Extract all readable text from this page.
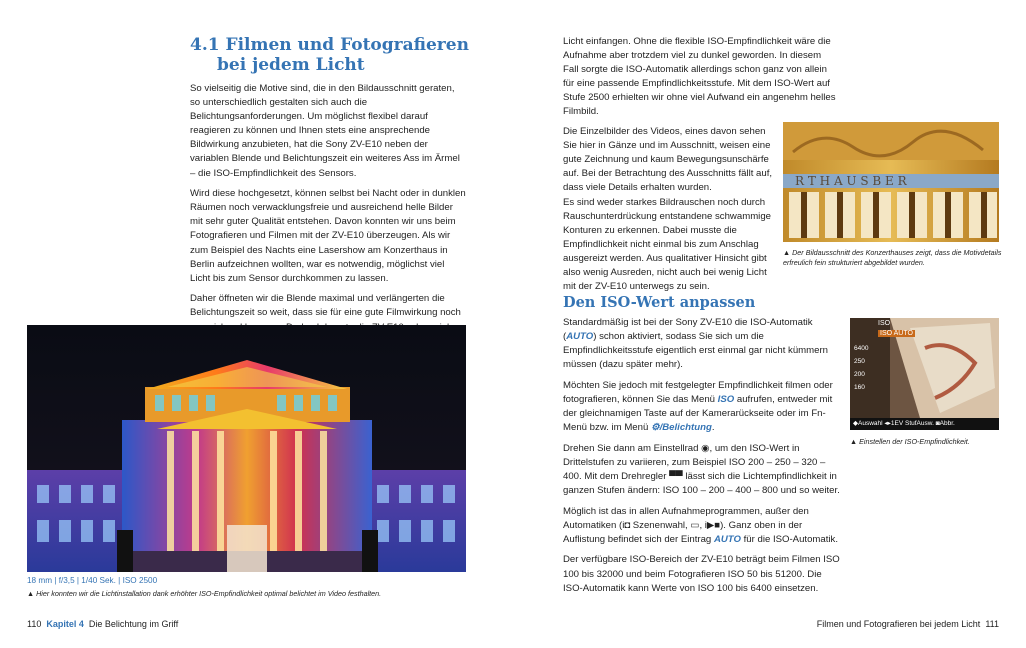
4.1 Filmen und Fotografieren
bei jedem Licht

So vielseitig die Motive sind, die in den Bildausschnitt geraten, so unterschiedlich gestalten sich auch die Belichtungsanforderungen. Um möglichst flexibel darauf reagieren zu können und Ihnen stets eine ansprechende Bildwirkung anzubieten, hat die Sony ZV-E10 neben der variablen Blende und Belichtungszeit ein weiteres Ass im Ärmel – die ISO-Empfindlichkeit des Sensors.

Wird diese hochgesetzt, können selbst bei Nacht oder in dunklen Räumen noch verwacklungsfreie und ausreichend helle Bilder mit sehr guter Qualität entstehen. Davon konnten wir uns beim Fotografieren und Filmen mit der ZV-E10 überzeugen. Als wir zum Beispiel des Nachts eine Lasershow am Konzerthaus in Berlin aufzeichnen wollten, war es notwendig, möglichst viel Licht bis zum Sensor durchkommen zu lassen.

Daher öffneten wir die Blende maximal und verlängerten die Belichtungszeit so weit, dass sie für eine gute Filmwirkung noch

18 mm | f/3,5 | 1/40 Sek. | ISO 2500
▲ Hier konnten wir die Lichtinstallation dank erhöhter ISO-Empfindlichkeit optimal belichtet im Video festhalten.
110 Kapitel 4 Die Belichtung im Griff

Licht einfangen. Ohne die flexible ISO-Empfindlichkeit wäre die Aufnahme aber trotzdem viel zu dunkel geworden. In diesem Fall sorgte die ISO-Automatik allerdings schon ganz von allein für eine passende Empfindlichkeitsstufe. Mit dem ISO-Wert auf Stufe 2500 erhielten wir ohne viel Aufwand ein angenehm helles Filmbild.

Die Einzelbilder des Videos, eines davon sehen Sie hier in Gänze und im Ausschnitt, weisen eine gute Zeichnung und kaum Bewegungsunschärfe auf. Bei der Betrachtung des Ausschnitts fällt auf, dass viele Details erhalten wurden.

Es sind weder starkes Bildrauschen noch durch Rauschunterdrückung entstandene schwammige Konturen zu erkennen. Dabei musste die Empfindlichkeit nicht einmal bis zum Anschlag ausgereizt werden. Aus qualitativer Hinsicht gibt also wenig Ausreden, nicht auch bei wenig Licht mit der ZV-E10 unterwegs zu sein.

R T H A U S B E R
▲ Der Bildausschnitt des Konzerthauses zeigt, dass die Motivdetails erfreulich fein strukturiert abgebildet wurden.
Den ISO-Wert anpassen

Standardmäßig ist bei der Sony ZV-E10 die ISO-Automatik (AUTO) schon aktiviert, sodass Sie sich um die Empfindlichkeitsstufe eigentlich erst einmal gar nicht kümmern müssen (dazu später mehr).

Möchten Sie jedoch mit festgelegter Empfindlichkeit filmen oder fotografieren, können Sie das Menü ISO aufrufen, entweder mit der gleichnamigen Taste auf der Kamerarückseite oder im Fn-Menü bzw. im Menü ⚙/Belichtung.

Drehen Sie dann am Einstellrad ◉, um den ISO-Wert in Drittelstufen zu variieren, zum Beispiel ISO 200 – 250 – 320 – 400. Mit dem Drehregler ▀▀ lässt sich die Lichtempfindlichkeit in ganzen Stufen ändern: ISO 100 – 200 – 400 – 800 und so weiter.

Möglich ist das in allen Aufnahmeprogrammen, außer den Automatiken (i◘ Szenenwahl, ▭, i▶■). Ganz oben in der Auflistung befindet sich der Eintrag AUTO für die ISO-Automatik.

Der verfügbare ISO-Bereich der ZV-E10 beträgt beim Filmen ISO 100 bis 32000 und beim Fotografieren ISO 50 bis 51200. Die ISO-Automatik kann Werte von ISO 100 bis 6400 einsetzen.

ISO
ISO AUTO
6400
250
200
160
◆Auswahl ◂▸1EV StufAusw. ◙Abbr.
▲ Einstellen der ISO-Empfindlichkeit.
Filmen und Fotografieren bei jedem Licht 111
